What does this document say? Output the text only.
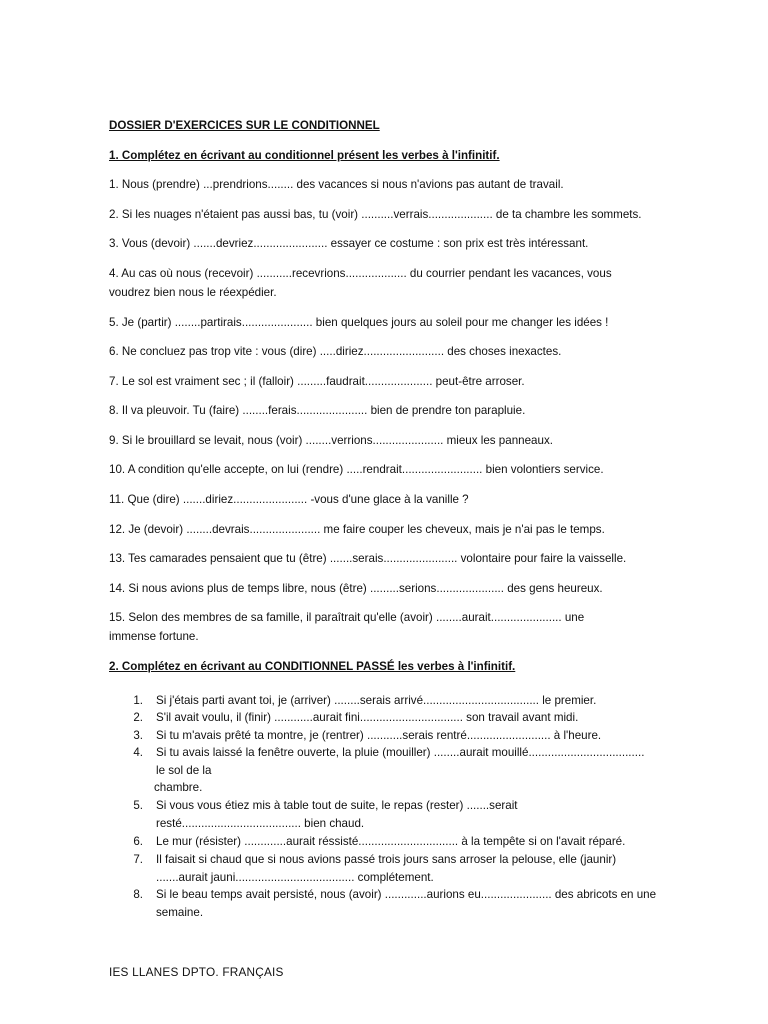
DOSSIER D'EXERCICES SUR LE CONDITIONNEL
1. Complétez en écrivant au conditionnel présent les verbes à l'infinitif.
1. Nous (prendre) ...prendrions........ des vacances si nous n'avions pas autant de travail.
2. Si les nuages n'étaient pas aussi bas, tu (voir) ..........verrais.................... de ta chambre les sommets.
3. Vous (devoir) .......devriez....................... essayer ce costume : son prix est très intéressant.
4. Au cas où nous (recevoir) ...........recevrions................... du courrier pendant les vacances, vous voudrez bien nous le réexpédier.
5. Je (partir) ........partirais...................... bien quelques jours au soleil pour me changer les idées !
6. Ne concluez pas trop vite : vous (dire) .....diriez......................... des choses inexactes.
7. Le sol est vraiment sec ; il (falloir) .........faudrait..................... peut-être arroser.
8. Il va pleuvoir. Tu (faire) ........ferais...................... bien de prendre ton parapluie.
9. Si le brouillard se levait, nous (voir) ........verrions...................... mieux les panneaux.
10. A condition qu'elle accepte, on lui (rendre) .....rendrait......................... bien volontiers service.
11. Que (dire) .......diriez....................... -vous d'une glace à la vanille ?
12. Je (devoir) ........devrais...................... me faire couper les cheveux, mais je n'ai pas le temps.
13. Tes camarades pensaient que tu (être) .......serais....................... volontaire pour faire la vaisselle.
14. Si nous avions plus de temps libre, nous (être) .........serions..................... des gens heureux.
15. Selon des membres de sa famille, il paraîtrait qu'elle (avoir) ........aurait...................... une immense fortune.
2. Complétez en écrivant au CONDITIONNEL PASSÉ les verbes à l'infinitif.
1. Si j'étais parti avant toi, je (arriver) ........serais arrivé.................................... le premier.
2. S'il avait voulu, il (finir) ............aurait fini................................ son travail avant midi.
3. Si tu m'avais prêté ta montre, je (rentrer) ...........serais rentré.......................... à l'heure.
4. Si tu avais laissé la fenêtre ouverte, la pluie (mouiller) ........aurait mouillé....................................
le sol de la
chambre.
5. Si vous vous étiez mis à table tout de suite, le repas (rester) .......serait
resté..................................... bien chaud.
6. Le mur (résister) .............aurait réssisté............................... à la tempête si on l'avait réparé.
7. Il faisait si chaud que si nous avions passé trois jours sans arroser la pelouse, elle (jaunir)
.......aurait jauni..................................... complétement.
8. Si le beau temps avait persisté, nous (avoir) .............aurions eu...................... des abricots en une
semaine.
IES LLANES DPTO. FRANÇAIS
